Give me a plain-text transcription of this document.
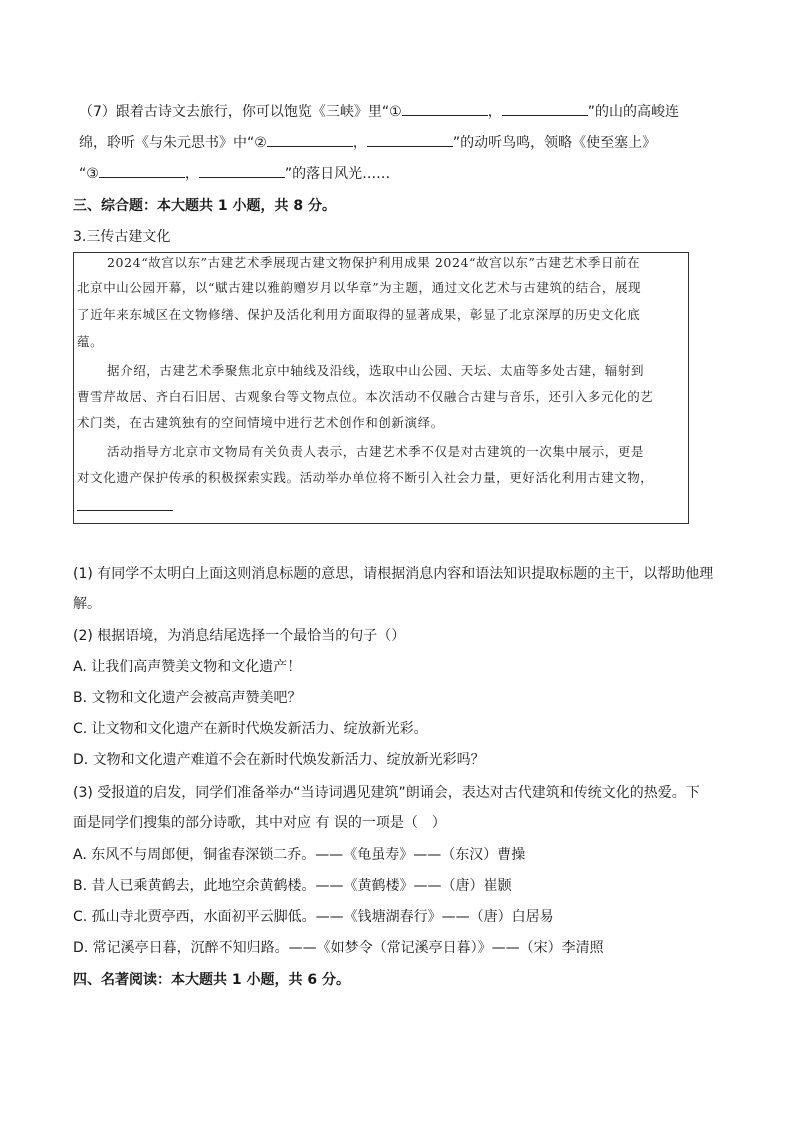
（7）跟着古诗文去旅行，你可以饱览《三峡》里“①	，	”的山的高峻连
绵，聆听《与朱元思书》中“②	，	”的动听鸟鸣，领略《使至塞上》
“③	，	”的落日风光……
三、综合题：本大题共 1 小题，共 8 分。
3.三传古建文化
2024“故宫以东”古建艺术季展现古建文物保护利用成果 2024“故宫以东”古建艺术季日前在
北京中山公园开幕，以“赋古建以雅韵赠岁月以华章”为主题，通过文化艺术与古建筑的结合，展现
了近年来东城区在文物修缮、保护及活化利用方面取得的显著成果，彰显了北京深厚的历史文化底
蕴。
据介绍，古建艺术季聚焦北京中轴线及沿线，选取中山公园、天坛、太庙等多处古建，辐射到
曹雪芹故居、齐白石旧居、古观象台等文物点位。本次活动不仅融合古建与音乐，还引入多元化的艺
术门类，在古建筑独有的空间情境中进行艺术创作和创新演绎。
活动指导方北京市文物局有关负责人表示，古建艺术季不仅是对古建筑的一次集中展示，更是
对文化遗产保护传承的积极探索实践。活动举办单位将不断引入社会力量，更好活化利用古建文物，
(1) 有同学不太明白上面这则消息标题的意思，请根据消息内容和语法知识提取标题的主干，以帮助他理
解。
(2) 根据语境，为消息结尾选择一个最恰当的句子（）
A. 让我们高声赞美文物和文化遗产！
B. 文物和文化遗产会被高声赞美吧？
C. 让文物和文化遗产在新时代焕发新活力、绽放新光彩。
D. 文物和文化遗产难道不会在新时代焕发新活力、绽放新光彩吗？
(3) 受报道的启发，同学们准备举办“当诗词遇见建筑”朗诵会，表达对古代建筑和传统文化的热爱。下
面是同学们搜集的部分诗歌，其中对应 有 误的一项是（　）
A. 东风不与周郎便，铜雀春深锁二乔。——《龟虽寿》——（东汉）曹操
B. 昔人已乘黄鹤去，此地空余黄鹤楼。——《黄鹤楼》——（唐）崔颢
C. 孤山寺北贾亭西，水面初平云脚低。——《钱塘湖春行》——（唐）白居易
D. 常记溪亭日暮，沉醉不知归路。——《如梦令（常记溪亭日暮）》——（宋）李清照
四、名著阅读：本大题共 1 小题，共 6 分。
